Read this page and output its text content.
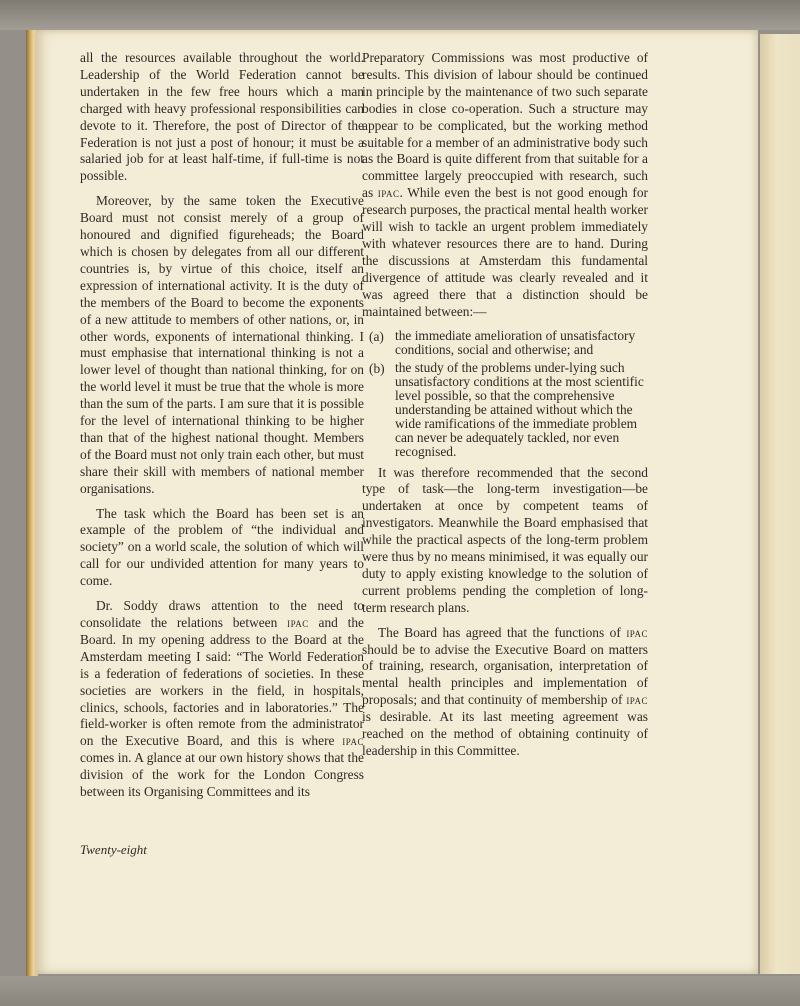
all the resources available throughout the world. Leadership of the World Federation cannot be undertaken in the few free hours which a man charged with heavy professional responsibilities can devote to it. Therefore, the post of Director of the Federation is not just a post of honour; it must be a salaried job for at least half-time, if full-time is not possible.

Moreover, by the same token the Executive Board must not consist merely of a group of honoured and dignified figureheads; the Board which is chosen by delegates from all our different countries is, by virtue of this choice, itself an expression of international activity. It is the duty of the members of the Board to become the exponents of a new attitude to members of other nations, or, in other words, exponents of international thinking. I must emphasise that international thinking is not a lower level of thought than national thinking, for on the world level it must be true that the whole is more than the sum of the parts. I am sure that it is possible for the level of international thinking to be higher than that of the highest national thought. Members of the Board must not only train each other, but must share their skill with members of national member organisations.

The task which the Board has been set is an example of the problem of “the individual and society” on a world scale, the solution of which will call for our undivided attention for many years to come.

Dr. Soddy draws attention to the need to consolidate the relations between ipac and the Board. In my opening address to the Board at the Amsterdam meeting I said: “The World Federation is a federation of federations of societies. In these societies are workers in the field, in hospitals, clinics, schools, factories and in laboratories.” The field-worker is often remote from the administrator on the Executive Board, and this is where ipac comes in. A glance at our own history shows that the division of the work for the London Congress between its Organising Committees and its

Preparatory Commissions was most productive of results. This division of labour should be continued in principle by the maintenance of two such separate bodies in close co-operation. Such a structure may appear to be complicated, but the working method suitable for a member of an administrative body such as the Board is quite different from that suitable for a committee largely preoccupied with research, such as ipac. While even the best is not good enough for research purposes, the practical mental health worker will wish to tackle an urgent problem immediately with whatever resources there are to hand. During the discussions at Amsterdam this fundamental divergence of attitude was clearly revealed and it was agreed there that a distinction should be maintained between:—

(a) the immediate amelioration of unsatisfactory conditions, social and otherwise; and
(b) the study of the problems under-lying such unsatisfactory conditions at the most scientific level possible, so that the comprehensive understanding be attained without which the wide ramifications of the immediate problem can never be adequately tackled, nor even recognised.

It was therefore recommended that the second type of task—the long-term investigation—be undertaken at once by competent teams of investigators. Meanwhile the Board emphasised that while the practical aspects of the long-term problem were thus by no means minimised, it was equally our duty to apply existing knowledge to the solution of current problems pending the completion of long-term research plans.

The Board has agreed that the functions of ipac should be to advise the Executive Board on matters of training, research, organisation, interpretation of mental health principles and implementation of proposals; and that continuity of membership of ipac is desirable. At its last meeting agreement was reached on the method of obtaining continuity of leadership in this Committee.

Twenty-eight
